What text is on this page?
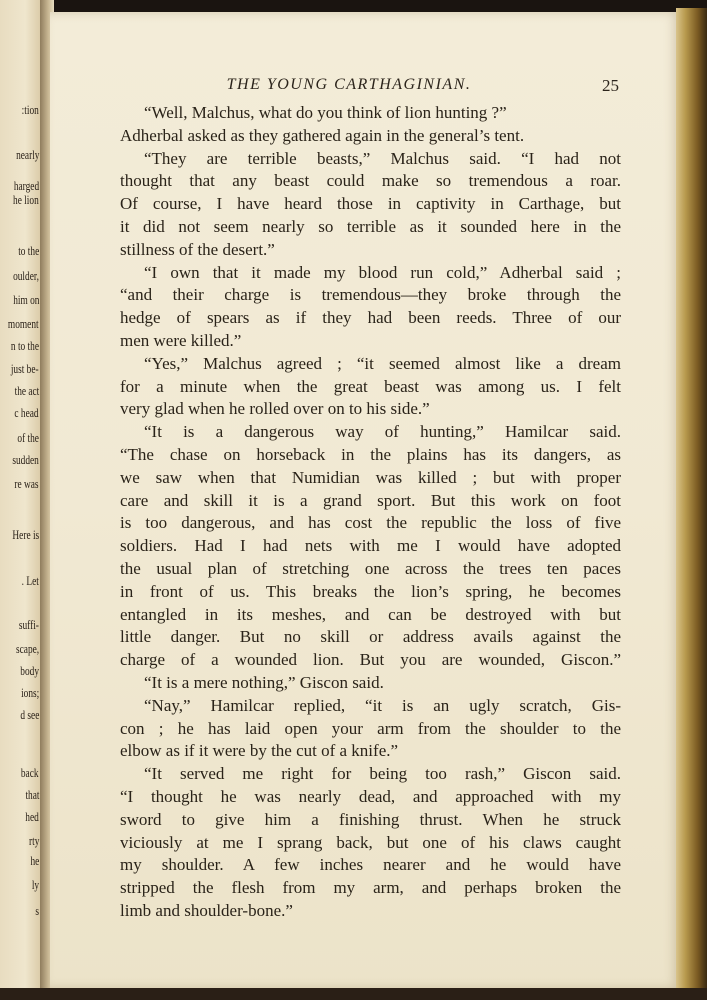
:tion
nearly
harged
he lion
to the
oulder,
him on
moment
n to the
just be-
the act
c head
of the
sudden
re was
Here is
. Let
suffi-
scape,
body
ions;
d see
back
that
hed
rty
he
ly
s
THE YOUNG CARTHAGINIAN.	25
“Well, Malchus, what do you think of lion hunting ?”
Adherbal asked as they gathered again in the general’s tent.
“They are terrible beasts,” Malchus said. “I had not
thought that any beast could make so tremendous a roar.
Of course, I have heard those in captivity in Carthage, but
it did not seem nearly so terrible as it sounded here in the
stillness of the desert.”
“I own that it made my blood run cold,” Adherbal said ;
“and their charge is tremendous—they broke through the
hedge of spears as if they had been reeds. Three of our
men were killed.”
“Yes,” Malchus agreed ; “it seemed almost like a dream
for a minute when the great beast was among us. I felt
very glad when he rolled over on to his side.”
“It is a dangerous way of hunting,” Hamilcar said.
“The chase on horseback in the plains has its dangers, as
we saw when that Numidian was killed ; but with proper
care and skill it is a grand sport. But this work on foot
is too dangerous, and has cost the republic the loss of five
soldiers. Had I had nets with me I would have adopted
the usual plan of stretching one across the trees ten paces
in front of us. This breaks the lion’s spring, he becomes
entangled in its meshes, and can be destroyed with but
little danger. But no skill or address avails against the
charge of a wounded lion. But you are wounded, Giscon.”
“It is a mere nothing,” Giscon said.
“Nay,” Hamilcar replied, “it is an ugly scratch, Gis-
con ; he has laid open your arm from the shoulder to the
elbow as if it were by the cut of a knife.”
“It served me right for being too rash,” Giscon said.
“I thought he was nearly dead, and approached with my
sword to give him a finishing thrust. When he struck
viciously at me I sprang back, but one of his claws caught
my shoulder. A few inches nearer and he would have
stripped the flesh from my arm, and perhaps broken the
limb and shoulder-bone.”
